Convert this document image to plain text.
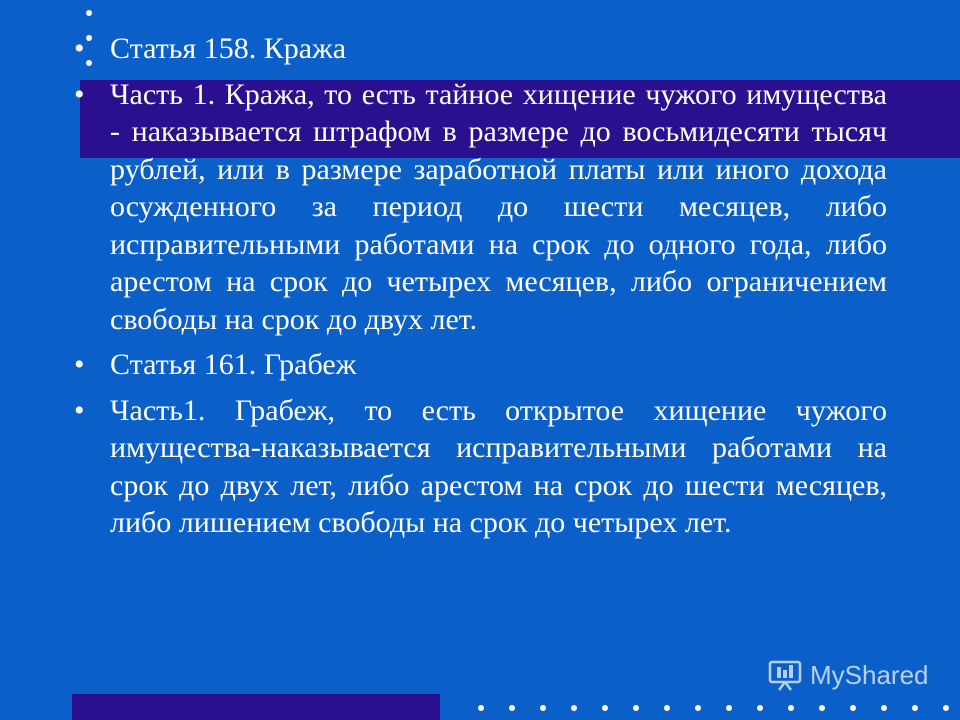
• Статья 158. Кража
• Часть 1. Кража, то есть тайное хищение чужого имущества - наказывается штрафом в размере до восьмидесяти тысяч рублей, или в размере заработной платы или иного дохода осужденного за период до шести месяцев, либо исправительными работами на срок до одного года, либо арестом на срок до четырех месяцев, либо ограничением свободы на срок до двух лет.
• Статья 161. Грабеж
• Часть1. Грабеж, то есть открытое хищение чужого имущества-наказывается исправительными работами на срок до двух лет, либо арестом на срок до шести месяцев, либо лишением свободы на срок до четырех лет.
MyShared
